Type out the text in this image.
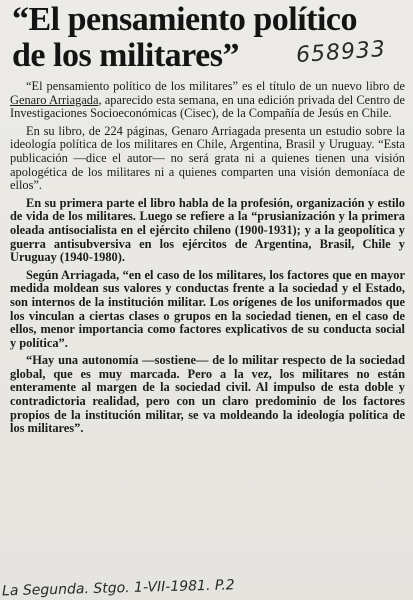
“El pensamiento político
de los militares”	658933

“El pensamiento político de los militares” es el título de un nuevo libro de Genaro Arriagada, aparecido esta semana, en una edición privada del Centro de Investigaciones Socioeconómicas (Cisec), de la Compañía de Jesús en Chile.

En su libro, de 224 páginas, Genaro Arriagada presenta un estudio sobre la ideología política de los militares en Chile, Argentina, Brasil y Uruguay. “Esta publicación —dice el autor— no será grata ni a quienes tienen una visión apologética de los militares ni a quienes comparten una visión demoníaca de ellos”.

En su primera parte el libro habla de la profesión, organización y estilo de vida de los militares. Luego se refiere a la “prusianización y la primera oleada antisocialista en el ejército chileno (1900-1931); y a la geopolítica y guerra antisubversiva en los ejércitos de Argentina, Brasil, Chile y Uruguay (1940-1980).

Según Arriagada, “en el caso de los militares, los factores que en mayor medida moldean sus valores y conductas frente a la sociedad y el Estado, son internos de la institución militar. Los orígenes de los uniformados que los vinculan a ciertas clases o grupos en la sociedad tienen, en el caso de ellos, menor importancia como factores explicativos de su conducta social y política”.

“Hay una autonomía —sostiene— de lo militar respecto de la sociedad global, que es muy marcada. Pero a la vez, los militares no están enteramente al margen de la sociedad civil. Al impulso de esta doble y contradictoria realidad, pero con un claro predominio de los factores propios de la institución militar, se va moldeando la ideología política de los militares”.

La Segunda. Stgo. 1-VII-1981. P.2
